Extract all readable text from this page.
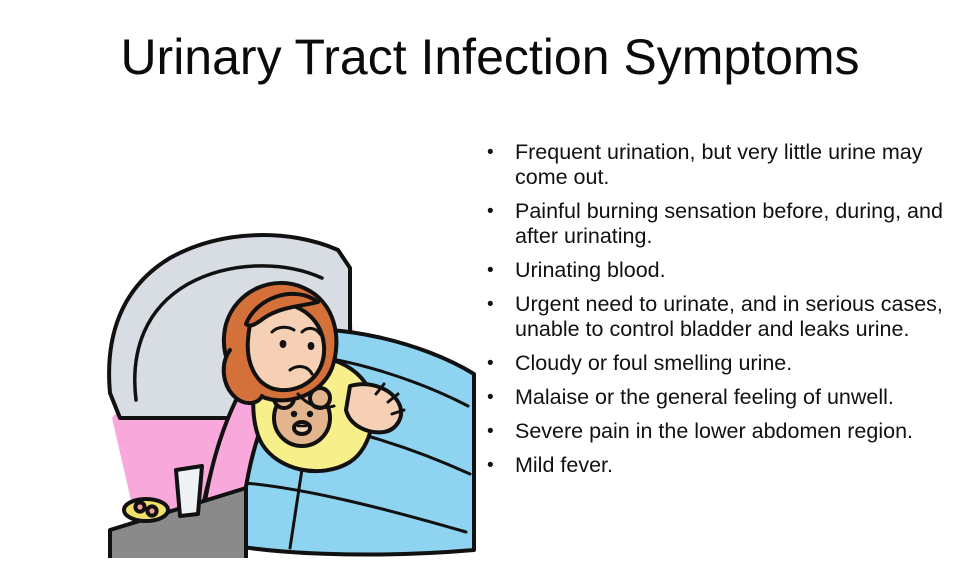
Urinary Tract Infection Symptoms
• Frequent urination, but very little urine may come out.
• Painful burning sensation before, during, and after urinating.
• Urinating blood.
• Urgent need to urinate, and in serious cases, unable to control bladder and leaks urine.
• Cloudy or foul smelling urine.
• Malaise or the general feeling of unwell.
• Severe pain in the lower abdomen region.
• Mild fever.
